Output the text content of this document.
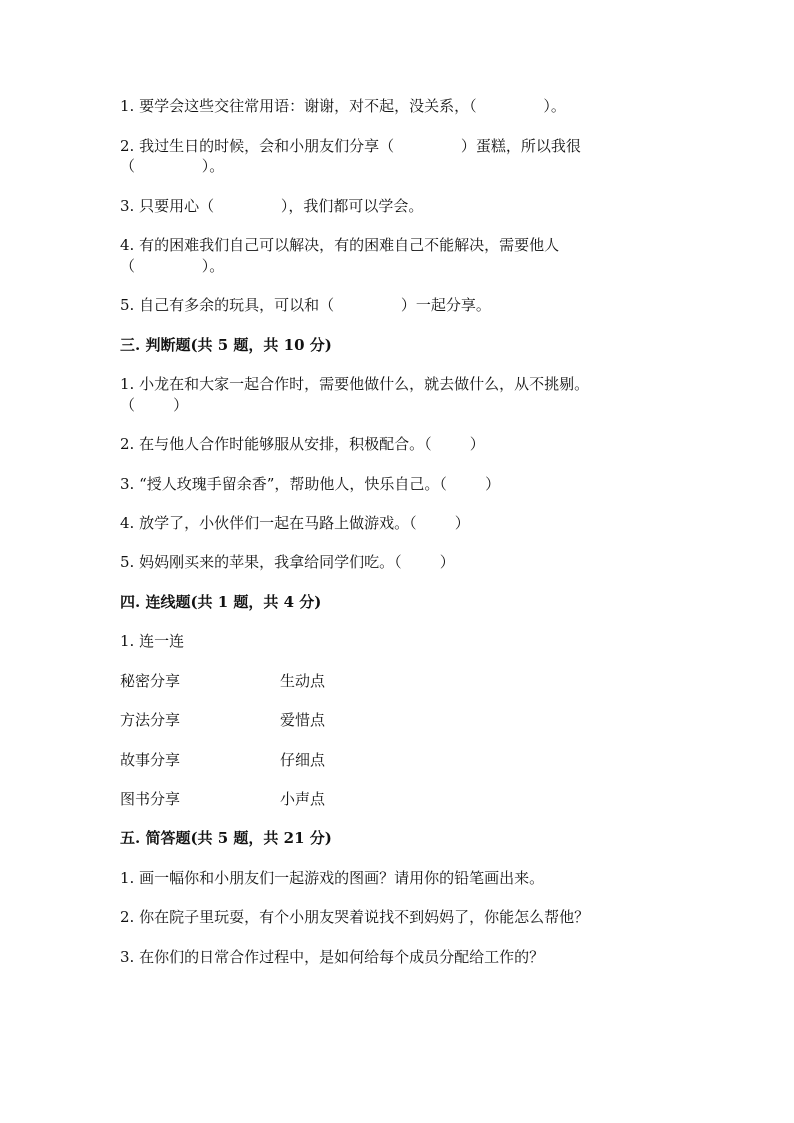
1. 要学会这些交往常用语：谢谢，对不起，没关系，（              ）。
2. 我过生日的时候，会和小朋友们分享（              ）蛋糕，所以我很
（              ）。
3. 只要用心（              ），我们都可以学会。
4. 有的困难我们自己可以解决，有的困难自己不能解决，需要他人
（              ）。
5. 自己有多余的玩具，可以和（              ）一起分享。
三. 判断题(共 5 题，共 10 分)
1. 小龙在和大家一起合作时，需要他做什么，就去做什么，从不挑剔。
（        ）
2. 在与他人合作时能够服从安排，积极配合。（        ）
3. “授人玫瑰手留余香”，帮助他人，快乐自己。（        ）
4. 放学了，小伙伴们一起在马路上做游戏。（        ）
5. 妈妈刚买来的苹果，我拿给同学们吃。（        ）
四. 连线题(共 1 题，共 4 分)
1. 连一连
秘密分享	生动点
方法分享	爱惜点
故事分享	仔细点
图书分享	小声点
五. 简答题(共 5 题，共 21 分)
1. 画一幅你和小朋友们一起游戏的图画？请用你的铅笔画出来。
2. 你在院子里玩耍，有个小朋友哭着说找不到妈妈了，你能怎么帮他？
3. 在你们的日常合作过程中，是如何给每个成员分配给工作的？
